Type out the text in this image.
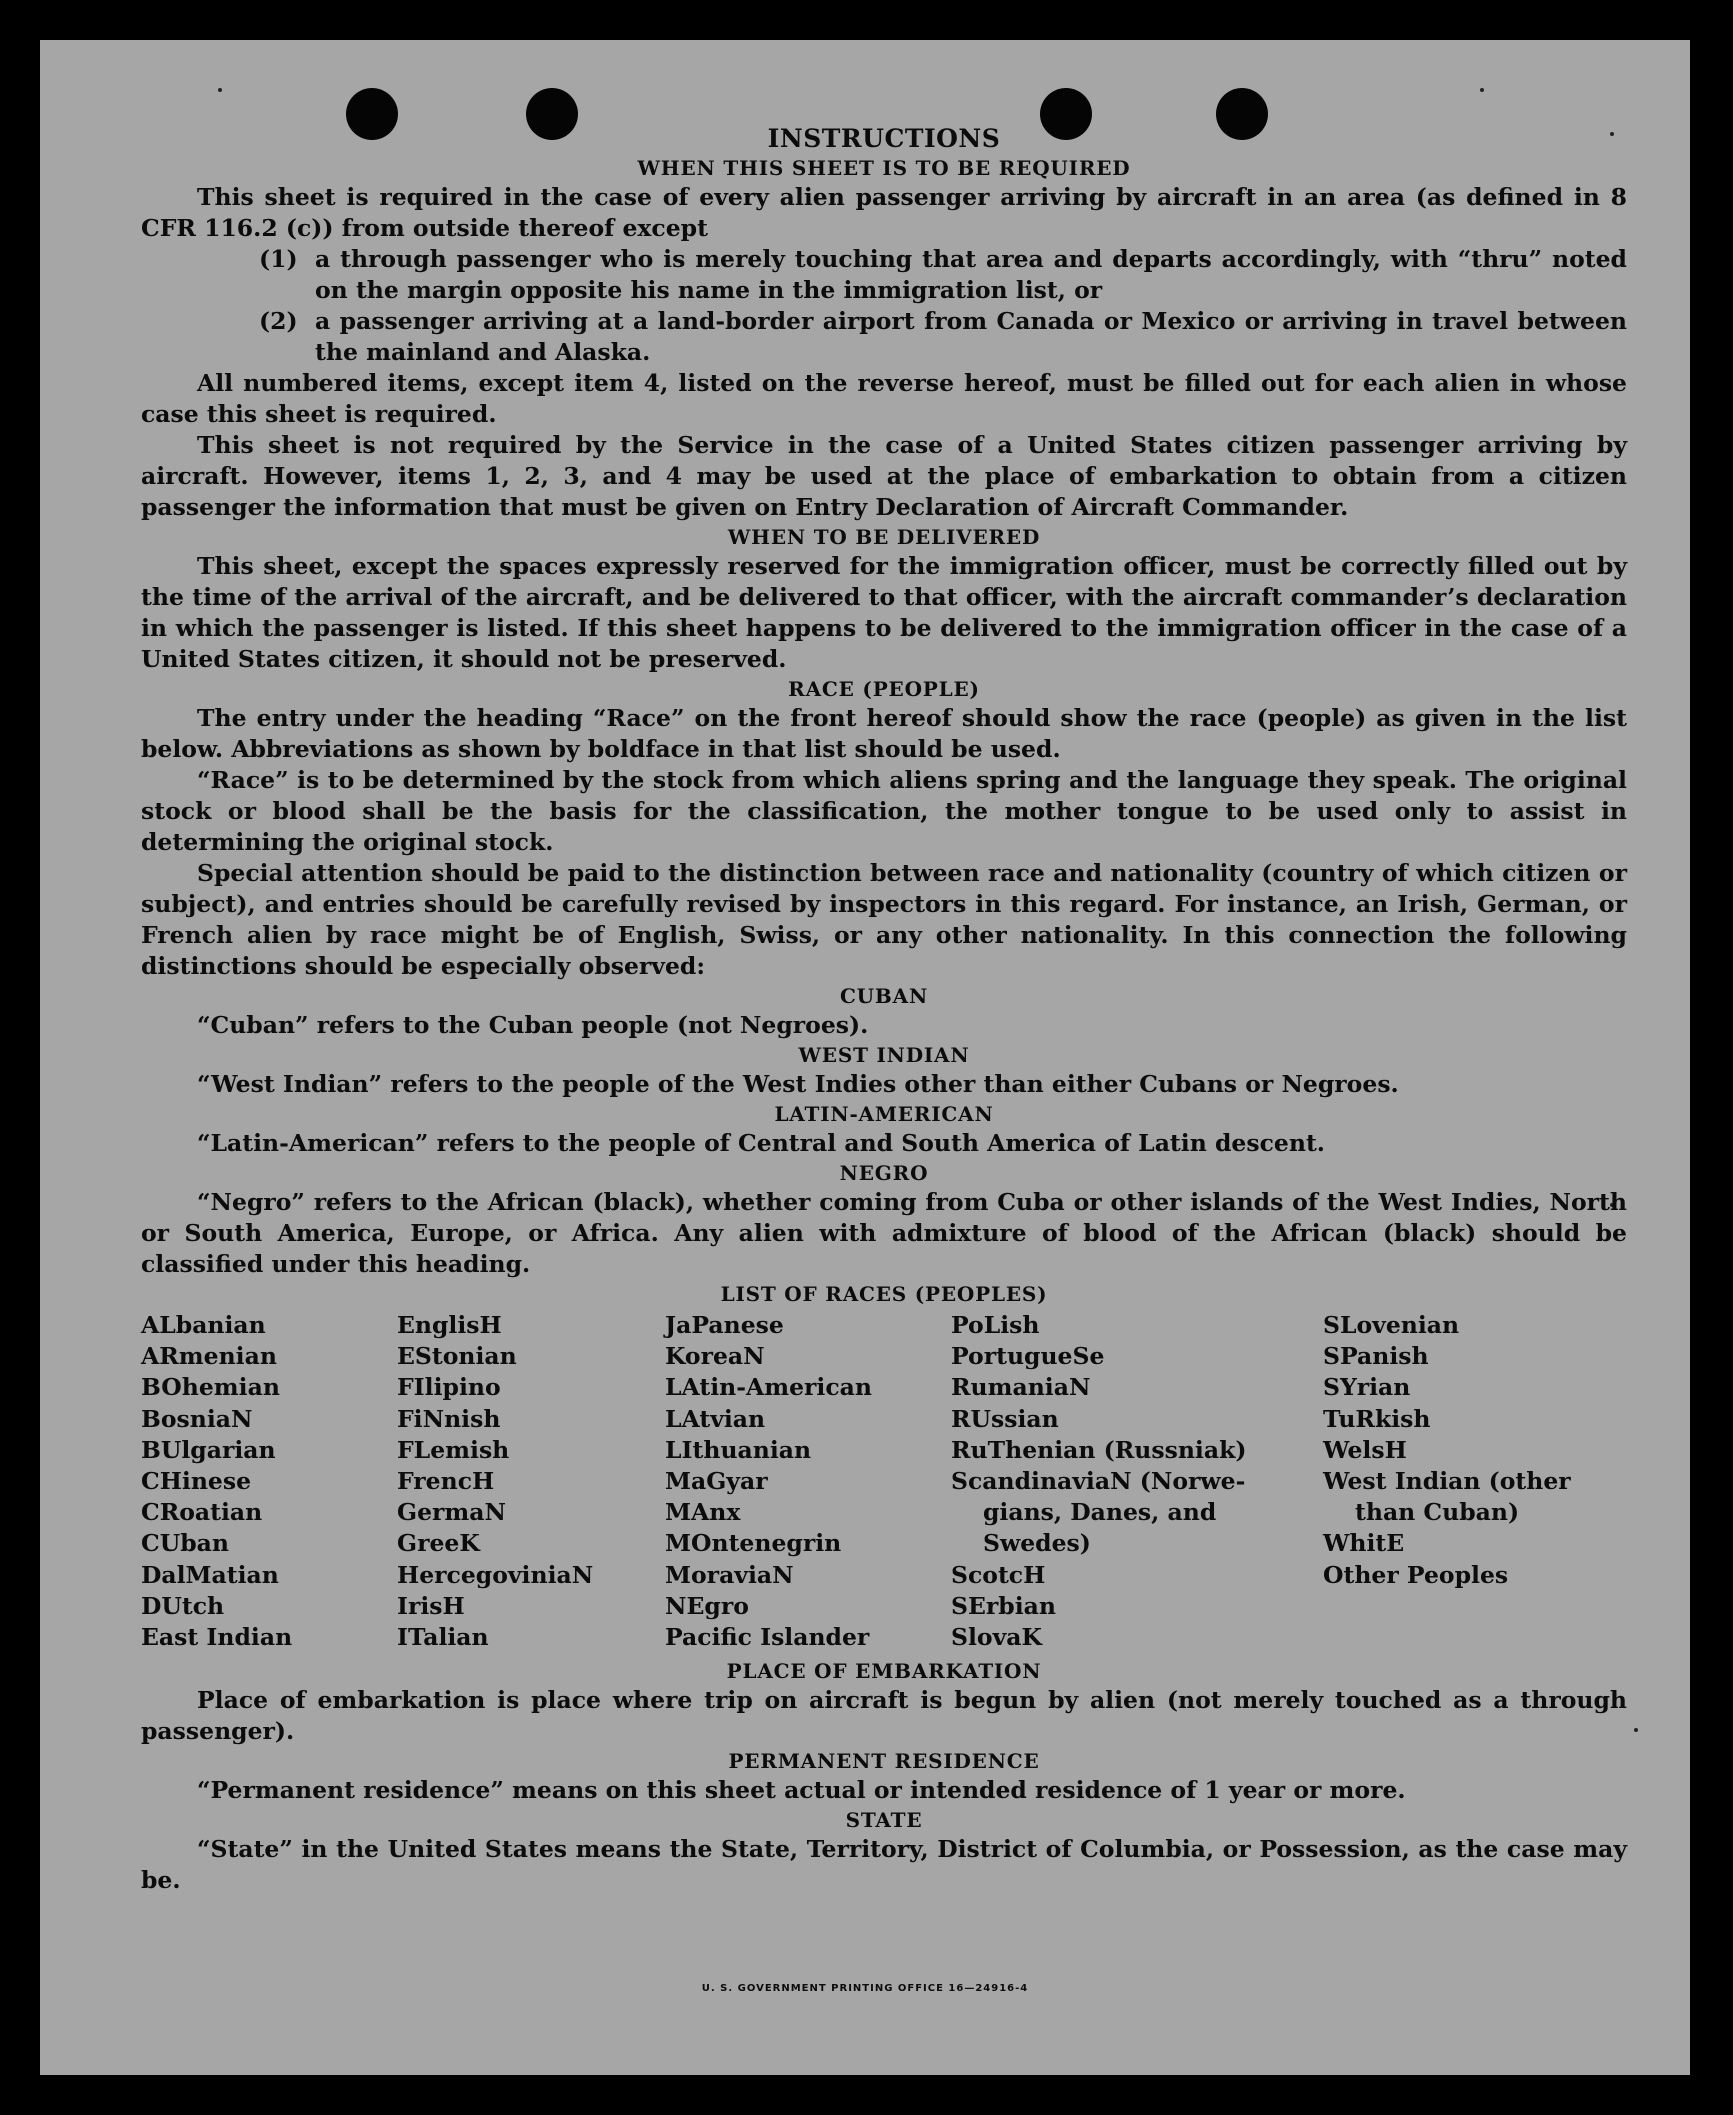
INSTRUCTIONS
WHEN THIS SHEET IS TO BE REQUIRED

This sheet is required in the case of every alien passenger arriving by aircraft in an area (as defined in 8 CFR 116.2 (c)) from outside thereof except

(1) a through passenger who is merely touching that area and departs accordingly, with “thru” noted on the margin opposite his name in the immigration list, or
(2) a passenger arriving at a land-border airport from Canada or Mexico or arriving in travel between the mainland and Alaska.

All numbered items, except item 4, listed on the reverse hereof, must be filled out for each alien in whose case this sheet is required.

This sheet is not required by the Service in the case of a United States citizen passenger arriving by aircraft. However, items 1, 2, 3, and 4 may be used at the place of embarkation to obtain from a citizen passenger the information that must be given on Entry Declaration of Aircraft Commander.

WHEN TO BE DELIVERED

This sheet, except the spaces expressly reserved for the immigration officer, must be correctly filled out by the time of the arrival of the aircraft, and be delivered to that officer, with the aircraft commander’s declaration in which the passenger is listed. If this sheet happens to be delivered to the immigration officer in the case of a United States citizen, it should not be preserved.

RACE (PEOPLE)

The entry under the heading “Race” on the front hereof should show the race (people) as given in the list below. Abbreviations as shown by boldface in that list should be used.

“Race” is to be determined by the stock from which aliens spring and the language they speak. The original stock or blood shall be the basis for the classification, the mother tongue to be used only to assist in determining the original stock.

Special attention should be paid to the distinction between race and nationality (country of which citizen or subject), and entries should be carefully revised by inspectors in this regard. For instance, an Irish, German, or French alien by race might be of English, Swiss, or any other nationality. In this connection the following distinctions should be especially observed:

CUBAN

“Cuban” refers to the Cuban people (not Negroes).

WEST INDIAN

“West Indian” refers to the people of the West Indies other than either Cubans or Negroes.

LATIN-AMERICAN

“Latin-American” refers to the people of Central and South America of Latin descent.

NEGRO

“Negro” refers to the African (black), whether coming from Cuba or other islands of the West Indies, North or South America, Europe, or Africa. Any alien with admixture of blood of the African (black) should be classified under this heading.

LIST OF RACES (PEOPLES)
ALbanian
ARmenian
BOhemian
BosniaN
BUlgarian
CHinese
CRoatian
CUban
DalMatian
DUtch
East Indian
EnglisH
EStonian
FIlipino
FiNnish
FLemish
FrencH
GermaN
GreeK
HercegoviniaN
IrisH
ITalian
JaPanese
KoreaN
LAtin-American
LAtvian
LIthuanian
MaGyar
MAnx
MOntenegrin
MoraviaN
NEgro
Pacific Islander
PoLish
PortugueSe
RumaniaN
RUssian
RuThenian (Russniak)
ScandinaviaN (Norwe-
gians, Danes, and
Swedes)
ScotcH
SErbian
SlovaK
SLovenian
SPanish
SYrian
TuRkish
WelsH
West Indian (other
than Cuban)
WhitE
Other Peoples
PLACE OF EMBARKATION

Place of embarkation is place where trip on aircraft is begun by alien (not merely touched as a through passenger).

PERMANENT RESIDENCE

“Permanent residence” means on this sheet actual or intended residence of 1 year or more.

STATE

“State” in the United States means the State, Territory, District of Columbia, or Possession, as the case may be.

U. S. GOVERNMENT PRINTING OFFICE 16—24916-4
